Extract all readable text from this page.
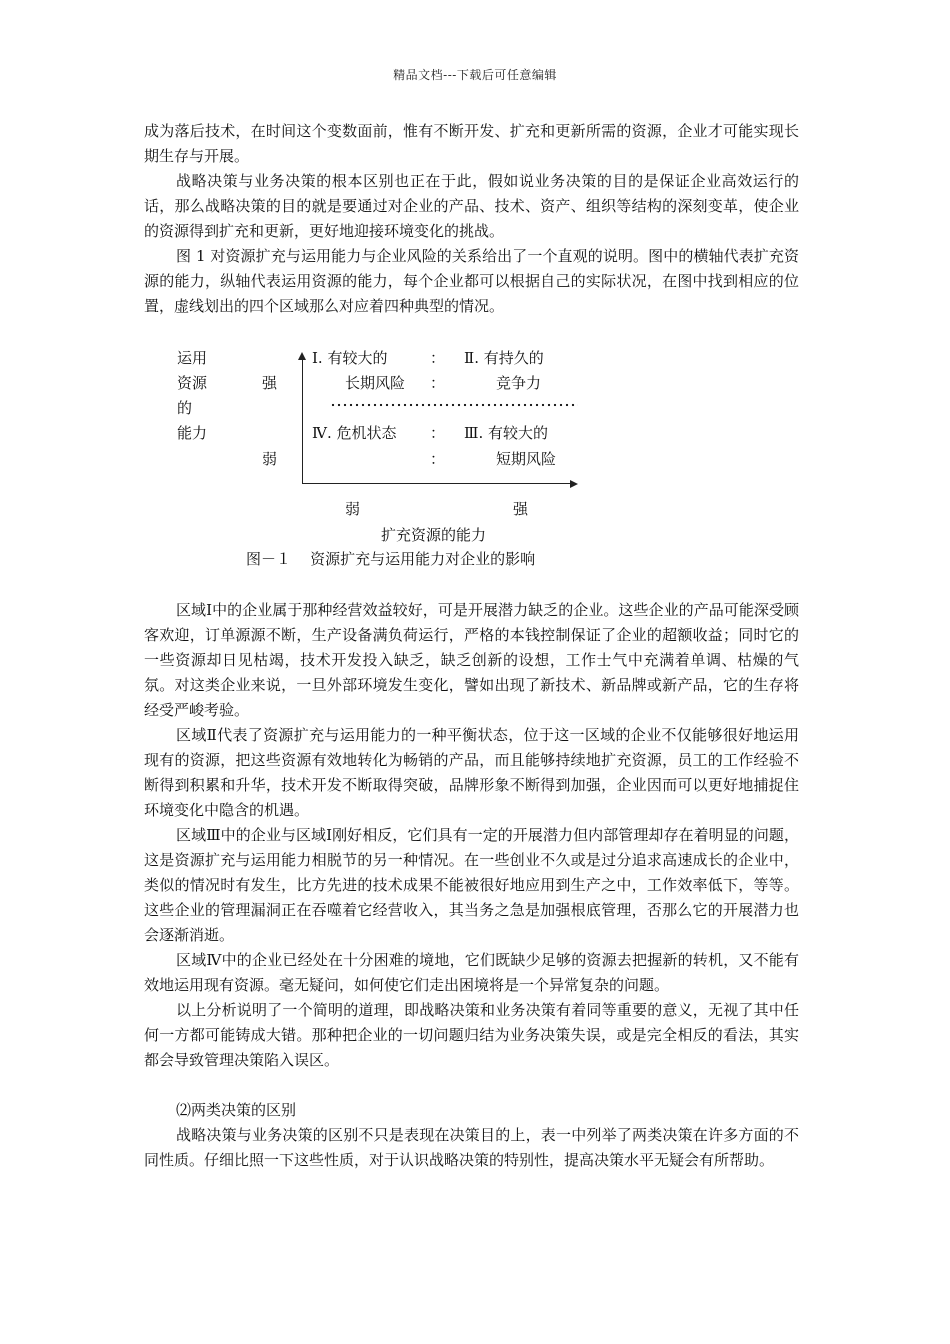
精品文档---下载后可任意编辑

成为落后技术，在时间这个变数面前，惟有不断开发、扩充和更新所需的资源，企业才可能实现长期生存与开展。

战略决策与业务决策的根本区别也正在于此，假如说业务决策的目的是保证企业高效运行的话，那么战略决策的目的就是要通过对企业的产品、技术、资产、组织等结构的深刻变革，使企业的资源得到扩充和更新，更好地迎接环境变化的挑战。

图 1 对资源扩充与运用能力与企业风险的关系给出了一个直观的说明。图中的横轴代表扩充资源的能力，纵轴代表运用资源的能力，每个企业都可以根据自己的实际状况，在图中找到相应的位置，虚线划出的四个区域那么对应着四种典型的情况。

运用
资源
的
能力
强
弱
Ⅰ. 有较大的
长期风险
：
：
Ⅱ. 有持久的
竞争力
Ⅳ. 危机状态 ：
：
Ⅲ. 有较大的
短期风险
弱	强
扩充资源的能力
图－１    资源扩充与运用能力对企业的影响

区域Ⅰ中的企业属于那种经营效益较好，可是开展潜力缺乏的企业。这些企业的产品可能深受顾客欢迎，订单源源不断，生产设备满负荷运行，严格的本钱控制保证了企业的超额收益；同时它的一些资源却日见枯竭，技术开发投入缺乏，缺乏创新的设想，工作士气中充满着单调、枯燥的气氛。对这类企业来说，一旦外部环境发生变化，譬如出现了新技术、新品牌或新产品，它的生存将经受严峻考验。

区域Ⅱ代表了资源扩充与运用能力的一种平衡状态，位于这一区域的企业不仅能够很好地运用现有的资源，把这些资源有效地转化为畅销的产品，而且能够持续地扩充资源，员工的工作经验不断得到积累和升华，技术开发不断取得突破，品牌形象不断得到加强，企业因而可以更好地捕捉住环境变化中隐含的机遇。

区域Ⅲ中的企业与区域Ⅰ刚好相反，它们具有一定的开展潜力但内部管理却存在着明显的问题，这是资源扩充与运用能力相脱节的另一种情况。在一些创业不久或是过分追求高速成长的企业中，类似的情况时有发生，比方先进的技术成果不能被很好地应用到生产之中，工作效率低下，等等。这些企业的管理漏洞正在吞噬着它经营收入，其当务之急是加强根底管理，否那么它的开展潜力也会逐渐消逝。

区域Ⅳ中的企业已经处在十分困难的境地，它们既缺少足够的资源去把握新的转机，又不能有效地运用现有资源。毫无疑问，如何使它们走出困境将是一个异常复杂的问题。

以上分析说明了一个简明的道理，即战略决策和业务决策有着同等重要的意义，无视了其中任何一方都可能铸成大错。那种把企业的一切问题归结为业务决策失误，或是完全相反的看法，其实都会导致管理决策陷入误区。

⑵两类决策的区别

战略决策与业务决策的区别不只是表现在决策目的上，表一中列举了两类决策在许多方面的不同性质。仔细比照一下这些性质，对于认识战略决策的特别性，提高决策水平无疑会有所帮助。
